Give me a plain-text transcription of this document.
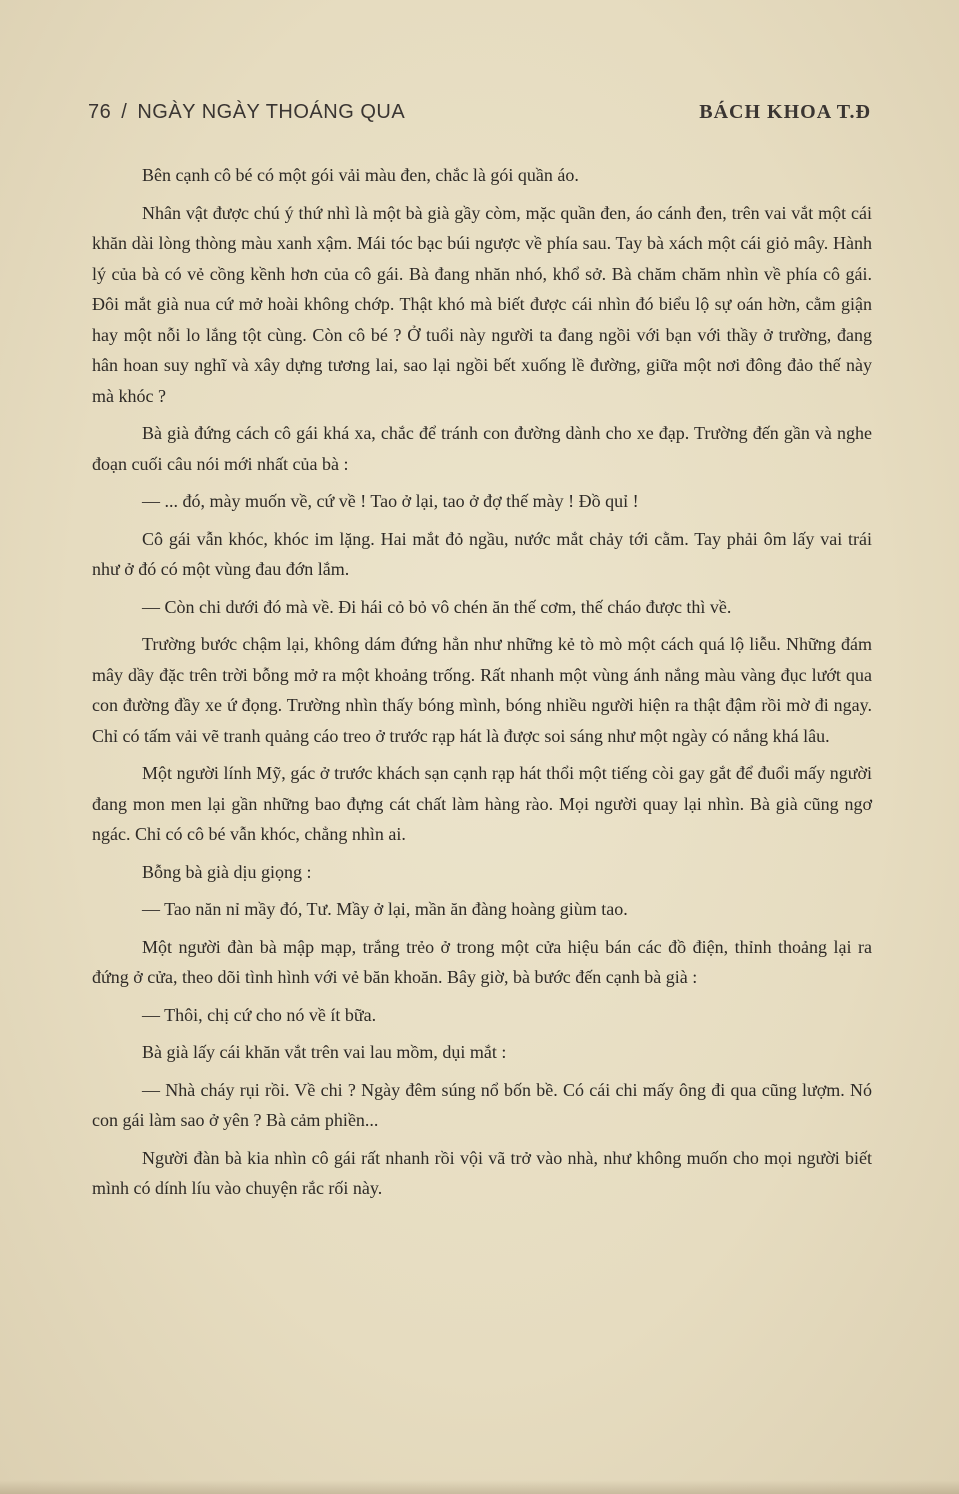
76 / NGÀY NGÀY THOÁNG QUA	BÁCH KHOA T.Đ

Bên cạnh cô bé có một gói vải màu đen, chắc là gói quần áo.

Nhân vật được chú ý thứ nhì là một bà già gầy còm, mặc quần đen, áo cánh đen, trên vai vắt một cái khăn dài lòng thòng màu xanh xậm. Mái tóc bạc búi ngược về phía sau. Tay bà xách một cái giỏ mây. Hành lý của bà có vẻ cồng kềnh hơn của cô gái. Bà đang nhăn nhó, khổ sở. Bà chăm chăm nhìn về phía cô gái. Đôi mắt già nua cứ mở hoài không chớp. Thật khó mà biết được cái nhìn đó biểu lộ sự oán hờn, cằm giận hay một nỗi lo lắng tột cùng. Còn cô bé ? Ở tuổi này người ta đang ngồi với bạn với thầy ở trường, đang hân hoan suy nghĩ và xây dựng tương lai, sao lại ngồi bết xuống lề đường, giữa một nơi đông đảo thế này mà khóc ?

Bà già đứng cách cô gái khá xa, chắc để tránh con đường dành cho xe đạp. Trường đến gần và nghe đoạn cuối câu nói mới nhất của bà :

— ... đó, mày muốn về, cứ về ! Tao ở lại, tao ở đợ thế mày ! Đồ quỉ !

Cô gái vẫn khóc, khóc im lặng. Hai mắt đỏ ngầu, nước mắt chảy tới cằm. Tay phải ôm lấy vai trái như ở đó có một vùng đau đớn lắm.

— Còn chi dưới đó mà về. Đi hái cỏ bỏ vô chén ăn thế cơm, thế cháo được thì về.

Trường bước chậm lại, không dám đứng hẳn như những kẻ tò mò một cách quá lộ liễu. Những đám mây dầy đặc trên trời bỗng mở ra một khoảng trống. Rất nhanh một vùng ánh nắng màu vàng đục lướt qua con đường đầy xe ứ đọng. Trường nhìn thấy bóng mình, bóng nhiều người hiện ra thật đậm rồi mờ đi ngay. Chỉ có tấm vải vẽ tranh quảng cáo treo ở trước rạp hát là được soi sáng như một ngày có nắng khá lâu.

Một người lính Mỹ, gác ở trước khách sạn cạnh rạp hát thổi một tiếng còi gay gắt để đuổi mấy người đang mon men lại gần những bao đựng cát chất làm hàng rào. Mọi người quay lại nhìn. Bà già cũng ngơ ngác. Chỉ có cô bé vẫn khóc, chẳng nhìn ai.

Bỗng bà già dịu giọng :

— Tao năn nỉ mầy đó, Tư. Mầy ở lại, mần ăn đàng hoàng giùm tao.

Một người đàn bà mập mạp, trắng trẻo ở trong một cửa hiệu bán các đồ điện, thỉnh thoảng lại ra đứng ở cửa, theo dõi tình hình với vẻ băn khoăn. Bây giờ, bà bước đến cạnh bà già :

— Thôi, chị cứ cho nó về ít bữa.

Bà già lấy cái khăn vắt trên vai lau mồm, dụi mắt :

— Nhà cháy rụi rồi. Về chi ? Ngày đêm súng nổ bốn bề. Có cái chi mấy ông đi qua cũng lượm. Nó con gái làm sao ở yên ? Bà cảm phiền...

Người đàn bà kia nhìn cô gái rất nhanh rồi vội vã trở vào nhà, như không muốn cho mọi người biết mình có dính líu vào chuyện rắc rối này.
